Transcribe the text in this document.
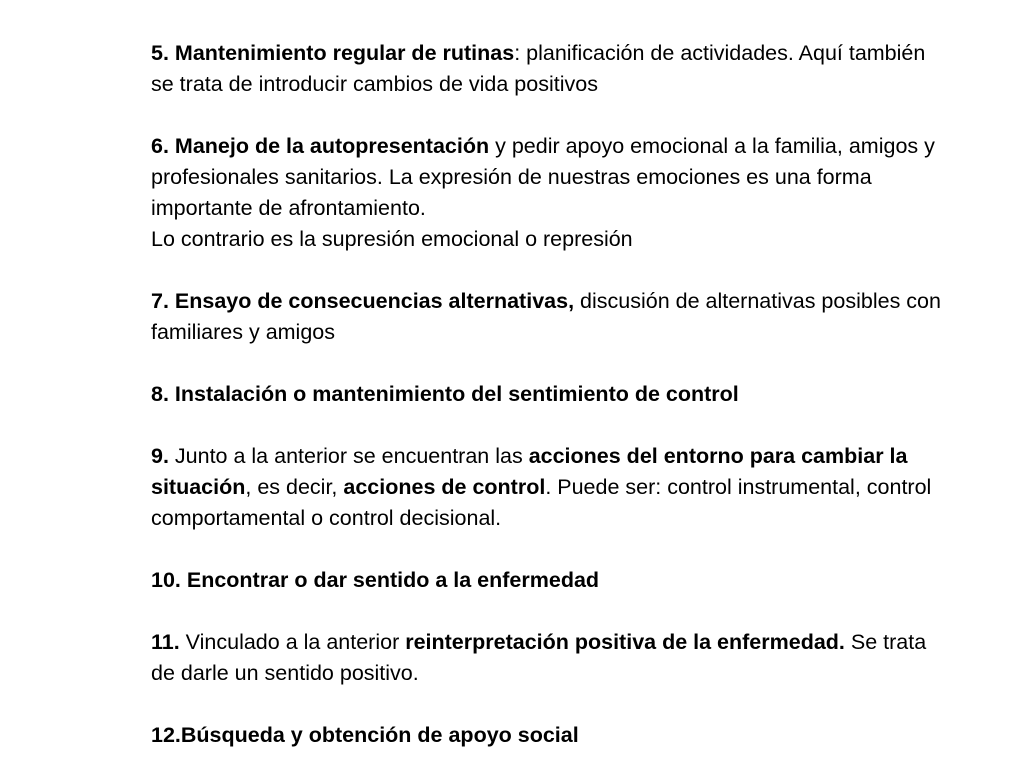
5. Mantenimiento regular de rutinas: planificación de actividades. Aquí también
se trata de introducir cambios de vida positivos
6. Manejo de la autopresentación y pedir apoyo emocional a la familia, amigos y
profesionales sanitarios. La expresión de nuestras emociones es una forma
importante de afrontamiento.
Lo contrario es la supresión emocional o represión
7. Ensayo de consecuencias alternativas, discusión de alternativas posibles con
familiares y amigos
8. Instalación o mantenimiento del sentimiento de control
9. Junto a la anterior se encuentran las acciones del entorno para cambiar la
situación, es decir, acciones de control. Puede ser: control instrumental, control
comportamental o control decisional.
10. Encontrar o dar sentido a la enfermedad
11. Vinculado a la anterior reinterpretación positiva de la enfermedad. Se trata
de darle un sentido positivo.
12.Búsqueda y obtención de apoyo social
